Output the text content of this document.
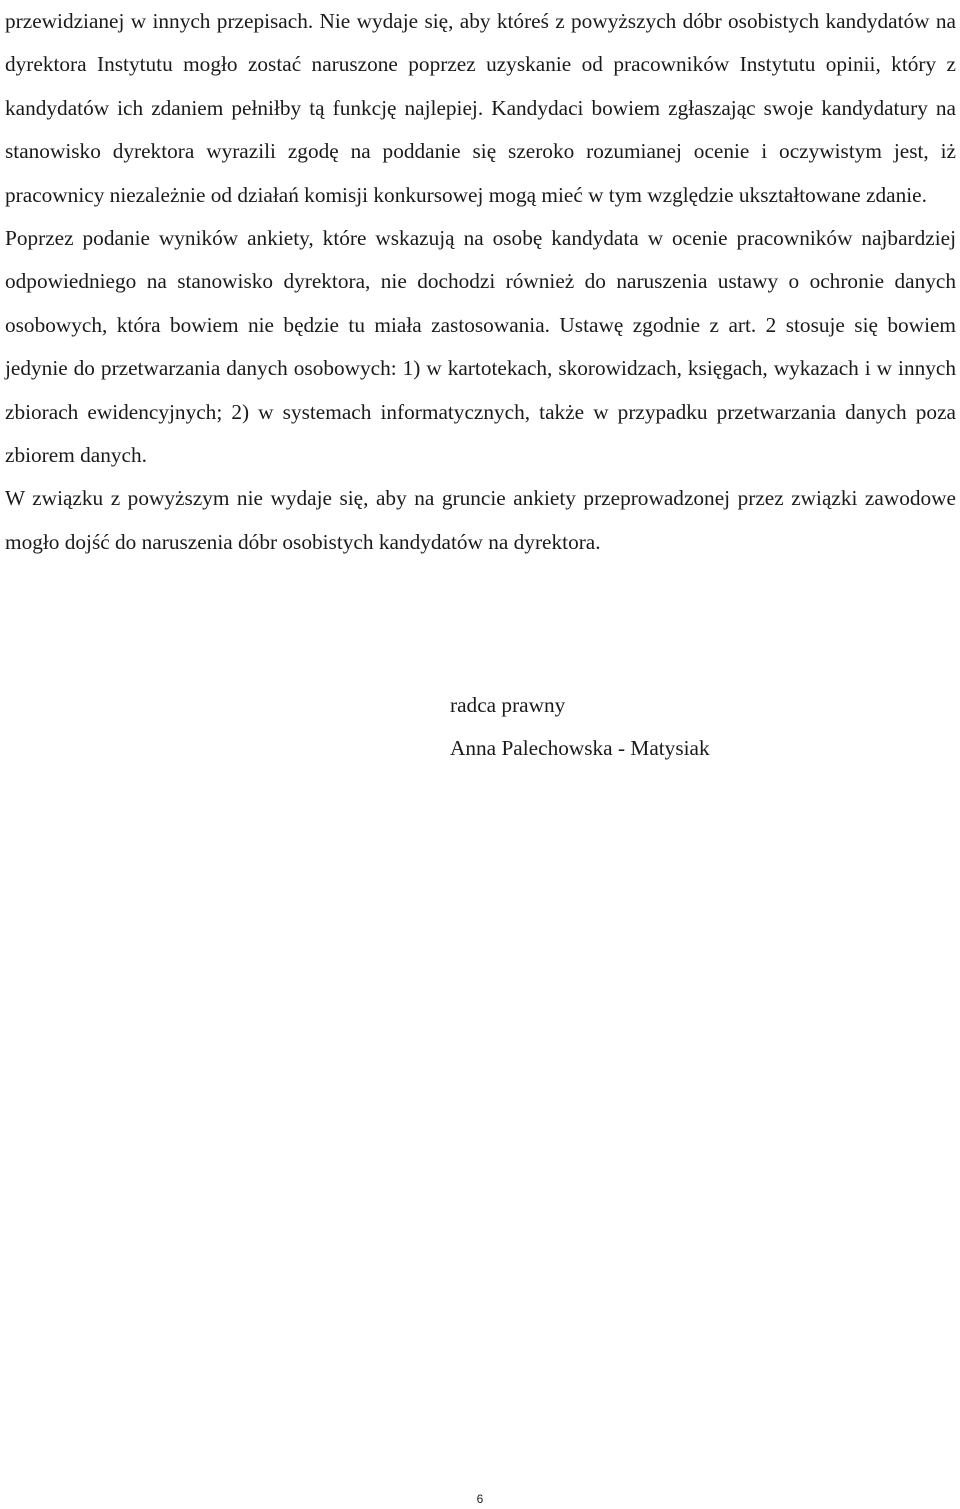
przewidzianej w innych przepisach. Nie wydaje się, aby któreś z powyższych dóbr osobistych kandydatów na dyrektora Instytutu mogło zostać naruszone poprzez uzyskanie od pracowników Instytutu opinii, który z kandydatów ich zdaniem pełniłby tą funkcję najlepiej. Kandydaci bowiem zgłaszając swoje kandydatury na stanowisko dyrektora wyrazili zgodę na poddanie się szeroko rozumianej ocenie i oczywistym jest, iż pracownicy niezależnie od działań komisji konkursowej mogą mieć w tym względzie ukształtowane zdanie.

Poprzez podanie wyników ankiety, które wskazują na osobę kandydata w ocenie pracowników najbardziej odpowiedniego na stanowisko dyrektora, nie dochodzi również do naruszenia ustawy o ochronie danych osobowych, która bowiem nie będzie tu miała zastosowania. Ustawę zgodnie z art. 2 stosuje się bowiem jedynie do przetwarzania danych osobowych: 1) w kartotekach, skorowidzach, księgach, wykazach i w innych zbiorach ewidencyjnych; 2) w systemach informatycznych, także w przypadku przetwarzania danych poza zbiorem danych.

W związku z powyższym nie wydaje się, aby na gruncie ankiety przeprowadzonej przez związki zawodowe mogło dojść do naruszenia dóbr osobistych kandydatów na dyrektora.

radca prawny
Anna Palechowska - Matysiak
6
